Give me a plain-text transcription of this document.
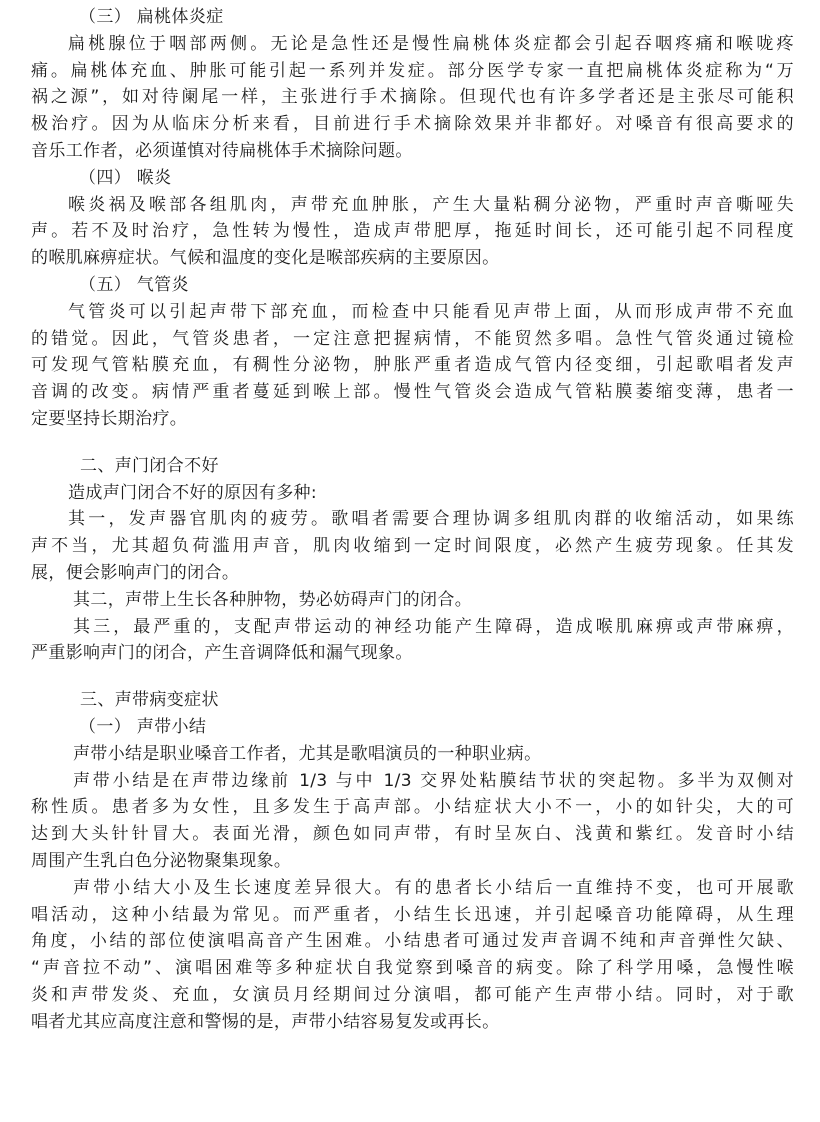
（三） 扁桃体炎症
扁桃腺位于咽部两侧。无论是急性还是慢性扁桃体炎症都会引起吞咽疼痛和喉咙疼
痛。扁桃体充血、肿胀可能引起一系列并发症。部分医学专家一直把扁桃体炎症称为“万
祸之源”，如对待阑尾一样，主张进行手术摘除。但现代也有许多学者还是主张尽可能积
极治疗。因为从临床分析来看，目前进行手术摘除效果并非都好。对嗓音有很高要求的
音乐工作者，必须谨慎对待扁桃体手术摘除问题。
（四） 喉炎
喉炎祸及喉部各组肌肉，声带充血肿胀，产生大量粘稠分泌物，严重时声音嘶哑失
声。若不及时治疗，急性转为慢性，造成声带肥厚，拖延时间长，还可能引起不同程度
的喉肌麻痹症状。气候和温度的变化是喉部疾病的主要原因。
（五） 气管炎
气管炎可以引起声带下部充血，而检查中只能看见声带上面，从而形成声带不充血
的错觉。因此，气管炎患者，一定注意把握病情，不能贸然多唱。急性气管炎通过镜检
可发现气管粘膜充血，有稠性分泌物，肿胀严重者造成气管内径变细，引起歌唱者发声
音调的改变。病情严重者蔓延到喉上部。慢性气管炎会造成气管粘膜萎缩变薄，患者一
定要坚持长期治疗。
二、声门闭合不好
造成声门闭合不好的原因有多种:
其一，发声器官肌肉的疲劳。歌唱者需要合理协调多组肌肉群的收缩活动，如果练
声不当，尤其超负荷滥用声音，肌肉收缩到一定时间限度，必然产生疲劳现象。任其发
展，便会影响声门的闭合。
其二，声带上生长各种肿物，势必妨碍声门的闭合。
其三，最严重的，支配声带运动的神经功能产生障碍，造成喉肌麻痹或声带麻痹，
严重影响声门的闭合，产生音调降低和漏气现象。
三、声带病变症状
（一） 声带小结
声带小结是职业嗓音工作者，尤其是歌唱演员的一种职业病。
声带小结是在声带边缘前 1/3 与中 1/3 交界处粘膜结节状的突起物。多半为双侧对
称性质。患者多为女性，且多发生于高声部。小结症状大小不一，小的如针尖，大的可
达到大头针针冒大。表面光滑，颜色如同声带，有时呈灰白、浅黄和紫红。发音时小结
周围产生乳白色分泌物聚集现象。
声带小结大小及生长速度差异很大。有的患者长小结后一直维持不变，也可开展歌
唱活动，这种小结最为常见。而严重者，小结生长迅速，并引起嗓音功能障碍，从生理
角度，小结的部位使演唱高音产生困难。小结患者可通过发声音调不纯和声音弹性欠缺、
“声音拉不动”、演唱困难等多种症状自我觉察到嗓音的病变。除了科学用嗓，急慢性喉
炎和声带发炎、充血，女演员月经期间过分演唱，都可能产生声带小结。同时，对于歌
唱者尤其应高度注意和警惕的是，声带小结容易复发或再长。
